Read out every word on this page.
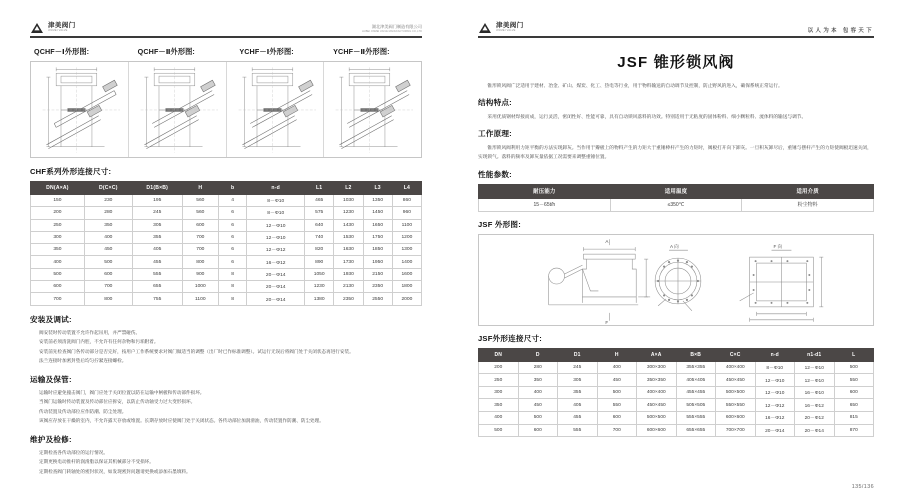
津美阀门
JINMEI VALVE
湖北津美阀门制造有限公司
HUBEI JINMEI VALVE MANUFACTURING CO.,LTD
QCHF－Ⅰ外形图:	QCHF－Ⅱ外形图:	YCHF－Ⅰ外形图:	YCHF－Ⅱ外形图:
CHF系列外形连接尺寸:
DN(A×A)	D(C×C)	D1(B×B)	H	b	n-d	L1	L2	L3	L4
150	230	195	560	4	8－Φ10	465	1030	1350	860
200	280	245	560	6	8－Φ10	575	1230	1450	960
250	350	305	600	6	12－Φ10	640	1430	1650	1100
300	400	355	700	6	12－Φ10	740	1530	1750	1200
350	450	405	700	6	12－Φ12	820	1630	1850	1300
400	500	455	800	6	16－Φ12	890	1730	1950	1400
500	600	555	900	8	20－Φ14	1050	1930	2150	1600
600	700	655	1000	8	20－Φ14	1230	2130	2350	1800
700	800	755	1100	8	20－Φ14	1380	2350	2550	2000
安装及调试:

阀安装时传动装置不允许作起吊用，并严禁碰伤。

安装前必须清洗阀门内腔，不允许有任何杂物和污垢附着。

安装前先检查阀门各传动部分是否完好，按用户工作系统要求对阀门做适当的调整（出厂时已作标准调整）。试运行无误后将阀门处于关闭状态再进行安装。

法兰连接时加密封垫后均匀拧紧连接螺栓。

运输及保管:

运输时应避免撞击阀门，阀门应处于关闭位置以防在运输中闸板和传动部件损坏。

当阀门运输时传动装置及传动部位应拆安，以防止传动轴受力过大变形损坏。

传动装置及传动部位应作防潮、防尘处理。

该阀应存放在干燥的室内，不允许露天存放或堆置。长期存放时应使阀门处于关闭状态。各传动部位加润滑油，传动装置作防潮、防尘处理。

维护及检修:

定期检查各传动部位的运行情况。

定期更换电动推杆的润滑脂以保证其机械部分不受损坏。

定期检查阀门转轴处的密封状况，如发现密封问题请更换或添加石墨填料。

津美阀门
JINMEI VALVE	以人为本 包容天下
JSF 锥形锁风阀

锥形锁风阀广泛适用于建材、冶金、矿山、煤炭、化工、热电等行业，用于物料输送的自动调节及控制，防止野风的进入，确保系统正常运行。

结构特点:

采用优质钢材焊接而成，运行灵活，密闭性好、性能可靠，具有自动锁风落料的功效。特别适用于无粘度的固体粉料、细小颗粒料、流体料的输送与调节。

工作原理:

锥形锁风阀利用力矩平衡的方法实现卸灰。当作用于瓣板上的物料产生的力矩大于重锤棒杆产生的力矩时，阀板打开向下卸灰。一旦积灰卸尽后，重锤与摆杆产生的力矩使阀板迅速关闭，实现锁气。落料的频率及卸灰量依据工况需要来调整重锤位置。

性能参数:
耐压能力	适用温度	适用介质
15－65t/h	≤350℃	粉尘物料
JSF 外形图:
A
F
A 向	F 向
JSF外形连接尺寸:
DN	D	D1	H	A×A	B×B	C×C	n-d	n1-d1	L
200	280	245	400	300×300	355×355	400×400	8－Φ10	12－Φ10	500
250	350	305	450	350×350	405×405	450×450	12－Φ10	12－Φ10	550
300	400	355	500	400×400	455×455	500×500	12－Φ10	16－Φ10	600
350	450	405	550	450×450	505×505	550×550	12－Φ12	16－Φ12	650
400	500	455	600	500×500	555×555	600×600	16－Φ12	20－Φ12	815
500	600	555	700	600×600	655×655	700×700	20－Φ14	20－Φ14	870
135/136
